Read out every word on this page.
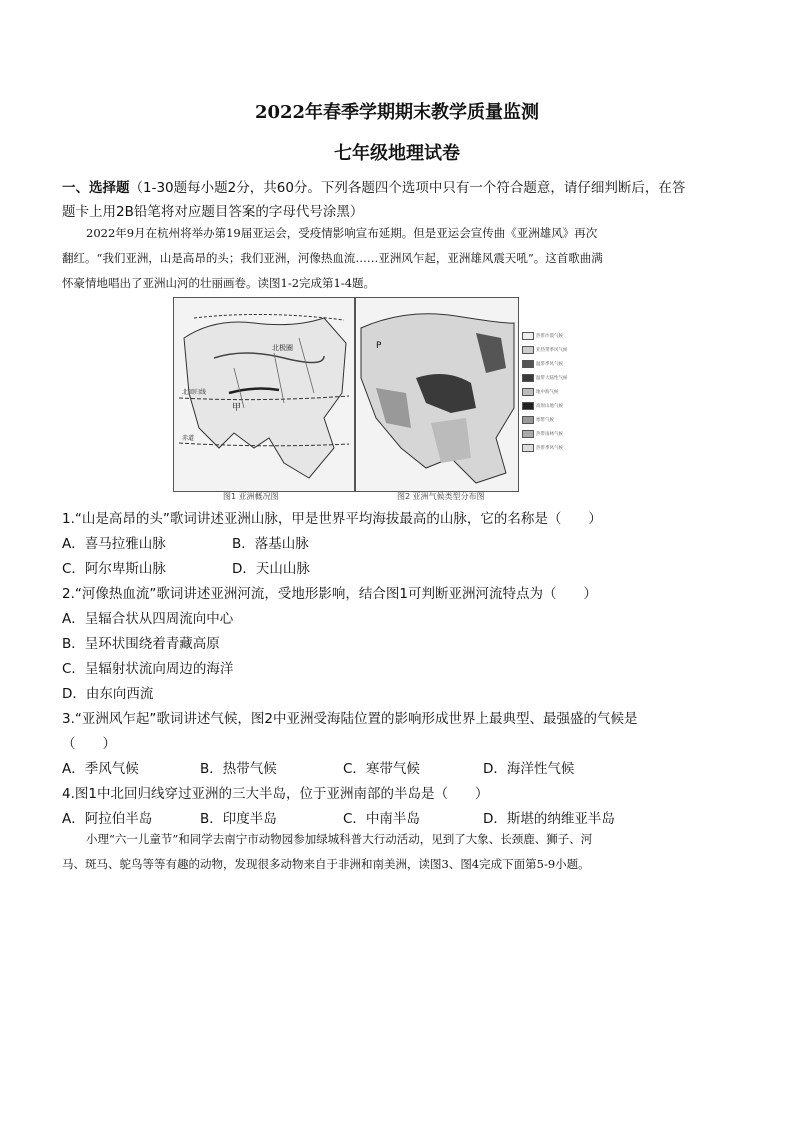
2022年春季学期期末教学质量监测
七年级地理试卷
一、选择题（1-30题每小题2分，共60分。下列各题四个选项中只有一个符合题意，请仔细判断后，在答
题卡上用2B铅笔将对应题目答案的字母代号涂黑）
2022年9月在杭州将举办第19届亚运会，受疫情影响宣布延期。但是亚运会宣传曲《亚洲雄风》再次
翻红。“我们亚洲，山是高昂的头；我们亚洲，河像热血流……亚洲风乍起，亚洲雄风震天吼”。这首歌曲满
怀豪情地唱出了亚洲山河的壮丽画卷。读图1-2完成第1-4题。
北极圈
北回归线
赤道
甲
P
热带沙漠气候
亚热带季风气候
温带季风气候
温带大陆性气候
地中海气候
高原山地气候
寒带气候
热带雨林气候
热带季风气候
图1 亚洲概况图	图2 亚洲气候类型分布图
1.“山是高昂的头”歌词讲述亚洲山脉，甲是世界平均海拔最高的山脉，它的名称是（　　）
A．喜马拉雅山脉	B．落基山脉
C．阿尔卑斯山脉	D．天山山脉
2.“河像热血流”歌词讲述亚洲河流，受地形影响，结合图1可判断亚洲河流特点为（　　）
A．呈辐合状从四周流向中心
B．呈环状围绕着青藏高原
C．呈辐射状流向周边的海洋
D．由东向西流
3.“亚洲风乍起”歌词讲述气候，图2中亚洲受海陆位置的影响形成世界上最典型、最强盛的气候是
（　　）
A．季风气候	B．热带气候	C．寒带气候	D．海洋性气候
4.图1中北回归线穿过亚洲的三大半岛，位于亚洲南部的半岛是（　　）
A．阿拉伯半岛	B．印度半岛	C．中南半岛	D．斯堪的纳维亚半岛
小理“六一儿童节”和同学去南宁市动物园参加绿城科普大行动活动，见到了大象、长颈鹿、狮子、河
马、斑马、鸵鸟等等有趣的动物，发现很多动物来自于非洲和南美洲，读图3、图4完成下面第5-9小题。
